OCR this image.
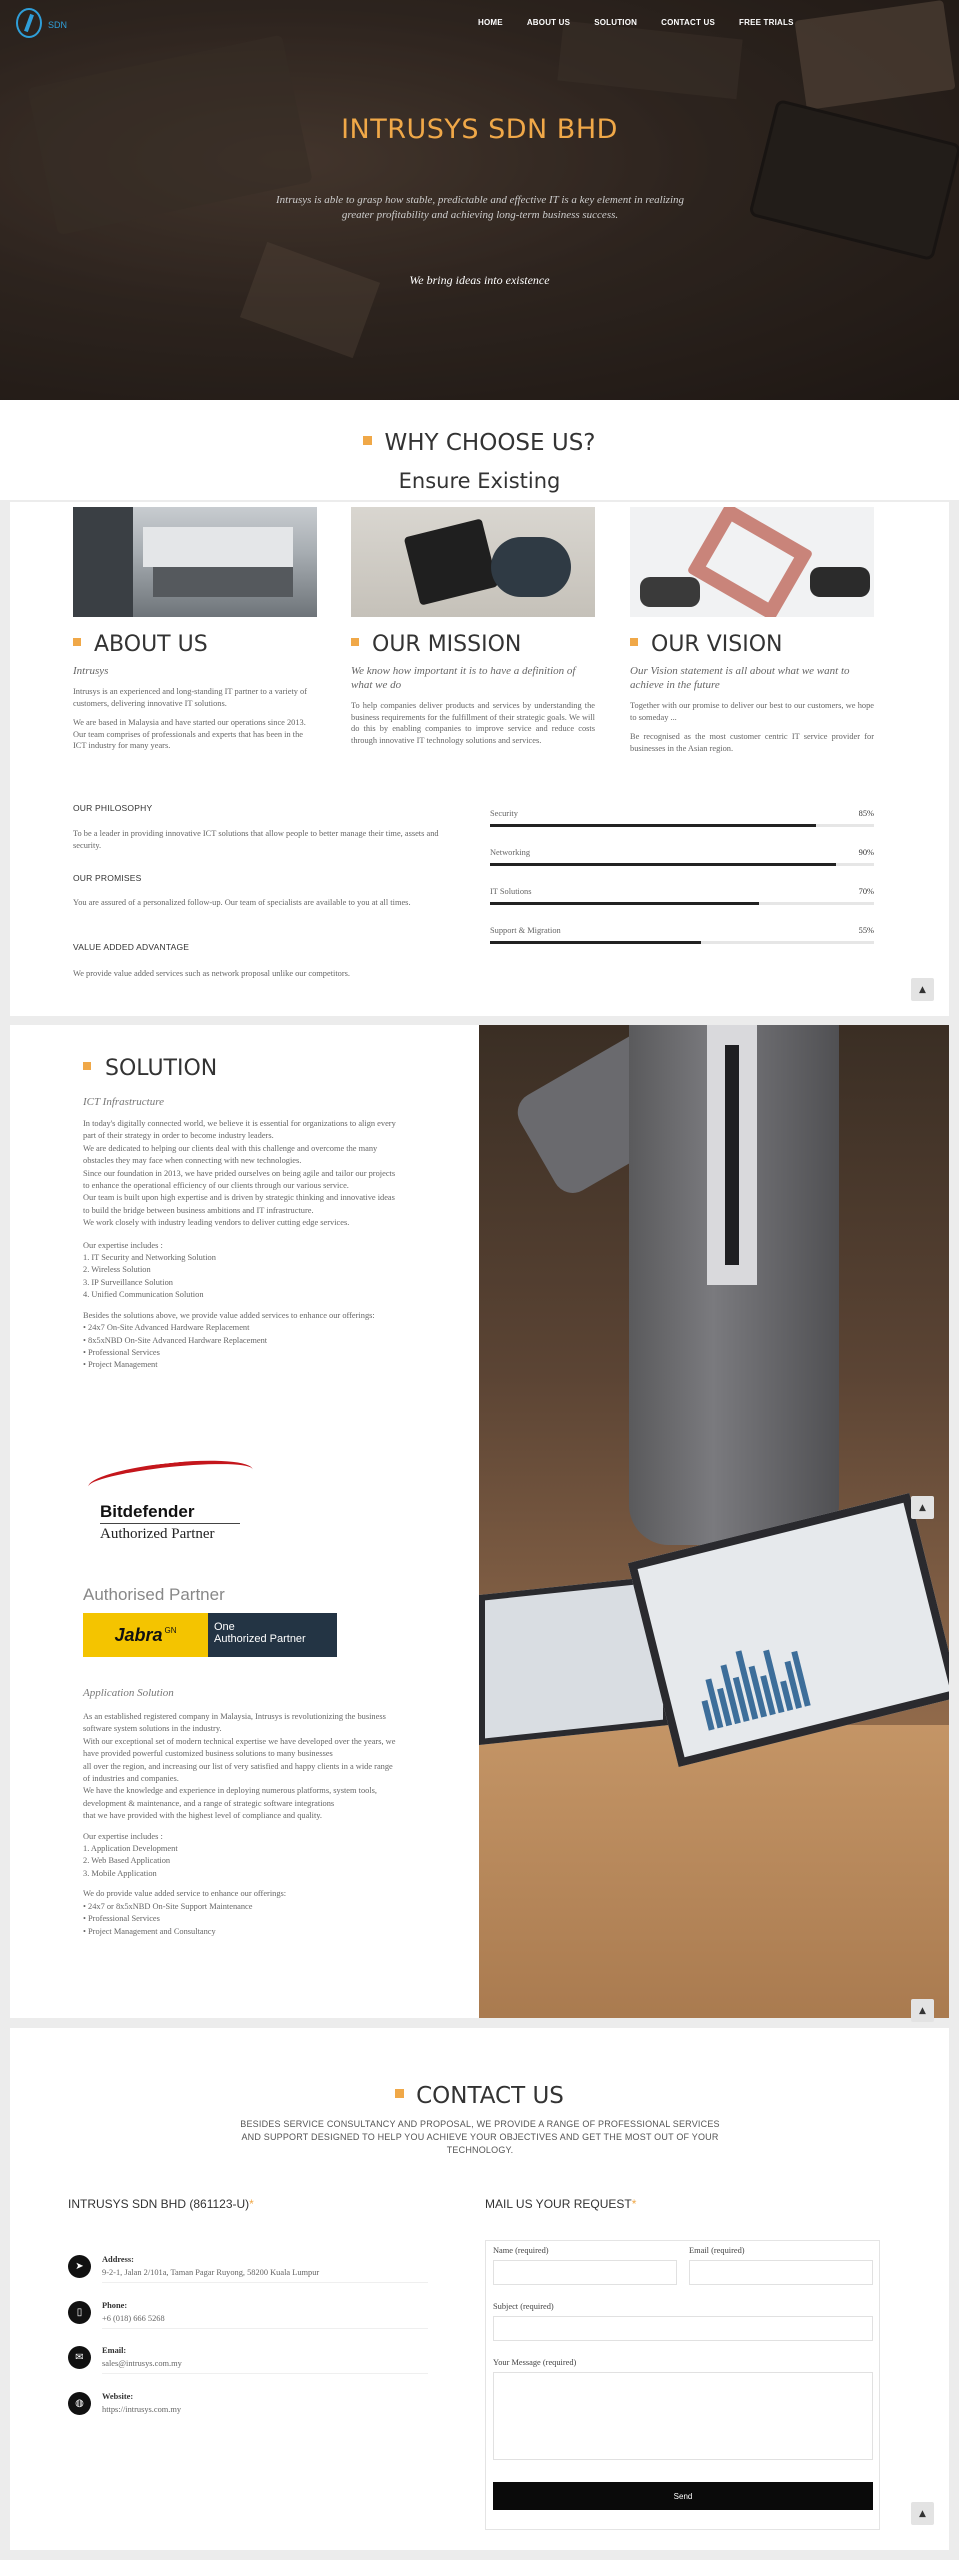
SDN	HOME	ABOUT US	SOLUTION	CONTACT US	FREE TRIALS
INTRUSYS SDN BHD

Intrusys is able to grasp how stable, predictable and effective IT is a key element in realizing greater profitability and achieving long-term business success.

We bring ideas into existence

WHY CHOOSE US?
Ensure Existing
ABOUT US
Intrusys

Intrusys is an experienced and long-standing IT partner to a variety of customers, delivering innovative IT solutions.

We are based in Malaysia and have started our operations since 2013. Our team comprises of professionals and experts that has been in the ICT industry for many years.

OUR MISSION
We know how important it is to have a definition of what we do

To help companies deliver products and services by understanding the business requirements for the fulfillment of their strategic goals. We will do this by enabling companies to improve service and reduce costs through innovative IT technology solutions and services.

OUR VISION
Our Vision statement is all about what we want to achieve in the future

Together with our promise to deliver our best to our customers, we hope to someday ...

Be recognised as the most customer centric IT service provider for businesses in the Asian region.

OUR PHILOSOPHY

To be a leader in providing innovative ICT solutions that allow people to better manage their time, assets and security.

OUR PROMISES

You are assured of a personalized follow-up. Our team of specialists are available to you at all times.

VALUE ADDED ADVANTAGE

We provide value added services such as network proposal unlike our competitors.

Security	85%
Networking	90%
IT Solutions	70%
Support & Migration	55%
▲
▲
SOLUTION
ICT Infrastructure

In today's digitally connected world, we believe it is essential for organizations to align every part of their strategy in order to become industry leaders.

We are dedicated to helping our clients deal with this challenge and overcome the many obstacles they may face when connecting with new technologies.

Since our foundation in 2013, we have prided ourselves on being agile and tailor our projects to enhance the operational efficiency of our clients through our various service.

Our team is built upon high expertise and is driven by strategic thinking and innovative ideas to build the bridge between business ambitions and IT infrastructure.

We work closely with industry leading vendors to deliver cutting edge services.

Our expertise includes :

1. IT Security and Networking Solution

2. Wireless Solution

3. IP Surveillance Solution

4. Unified Communication Solution

Besides the solutions above, we provide value added services to enhance our offerings:

• 24x7 On-Site Advanced Hardware Replacement

• 8x5xNBD On-Site Advanced Hardware Replacement

• Professional Services

• Project Management

Bitdefender
Authorized Partner
Authorised Partner
Jabra GN	One
Authorized Partner
Application Solution

As an established registered company in Malaysia, Intrusys is revolutionizing the business software system solutions in the industry.

With our exceptional set of modern technical expertise we have developed over the years, we have provided powerful customized business solutions to many businesses

all over the region, and increasing our list of very satisfied and happy clients in a wide range of industries and companies.

We have the knowledge and experience in deploying numerous platforms, system tools, development & maintenance, and a range of strategic software integrations

that we have provided with the highest level of compliance and quality.

Our expertise includes :

1. Application Development

2. Web Based Application

3. Mobile Application

We do provide value added service to enhance our offerings:

• 24x7 or 8x5xNBD On-Site Support Maintenance

• Professional Services

• Project Management and Consultancy

▲
CONTACT US
BESIDES SERVICE CONSULTANCY AND PROPOSAL, WE PROVIDE A RANGE OF PROFESSIONAL SERVICES AND SUPPORT DESIGNED TO HELP YOU ACHIEVE YOUR OBJECTIVES AND GET THE MOST OUT OF YOUR TECHNOLOGY.
INTRUSYS SDN BHD (861123-U)*	MAIL US YOUR REQUEST*
➤
Address:
9-2-1, Jalan 2/101a, Taman Pagar Ruyong, 58200 Kuala Lumpur
▯
Phone:
+6 (018) 666 5268
✉
Email:
sales@intrusys.com.my
◍
Website:
https://intrusys.com.my
Name (required)	Email (required)
Subject (required)
Your Message (required)
Send
▲
